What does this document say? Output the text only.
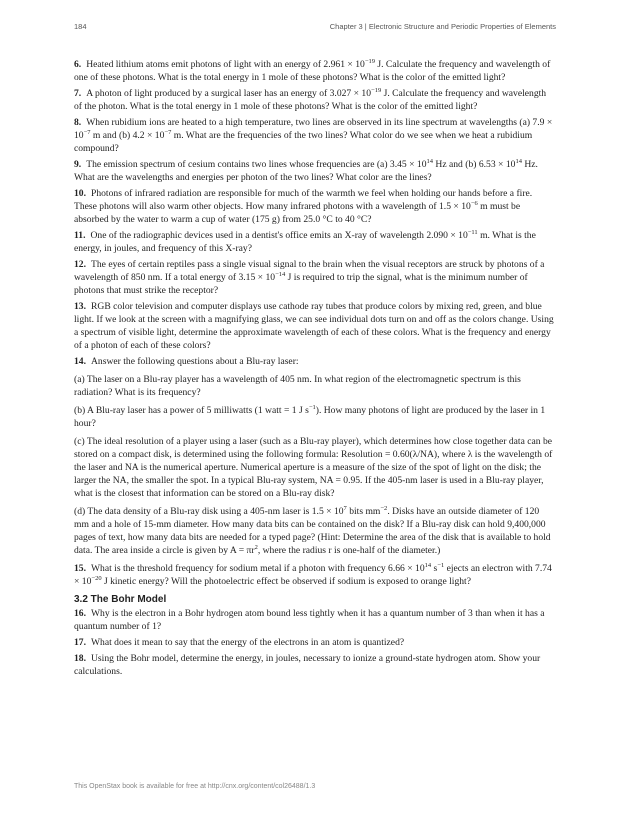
184	Chapter 3 | Electronic Structure and Periodic Properties of Elements
6. Heated lithium atoms emit photons of light with an energy of $2.961 \times 10^{-19}$ J. Calculate the frequency and wavelength of one of these photons. What is the total energy in 1 mole of these photons? What is the color of the emitted light?
7. A photon of light produced by a surgical laser has an energy of $3.027 \times 10^{-19}$ J. Calculate the frequency and wavelength of the photon. What is the total energy in 1 mole of these photons? What is the color of the emitted light?
8. When rubidium ions are heated to a high temperature, two lines are observed in its line spectrum at wavelengths (a) $7.9 \times 10^{-7}$ m and (b) $4.2 \times 10^{-7}$ m. What are the frequencies of the two lines? What color do we see when we heat a rubidium compound?
9. The emission spectrum of cesium contains two lines whose frequencies are (a) $3.45 \times 10^{14}$ Hz and (b) $6.53 \times 10^{14}$ Hz. What are the wavelengths and energies per photon of the two lines? What color are the lines?
10. Photons of infrared radiation are responsible for much of the warmth we feel when holding our hands before a fire. These photons will also warm other objects. How many infrared photons with a wavelength of $1.5 \times 10^{-6}$ m must be absorbed by the water to warm a cup of water (175 g) from 25.0 °C to 40 °C?
11. One of the radiographic devices used in a dentist's office emits an X-ray of wavelength $2.090 \times 10^{-11}$ m. What is the energy, in joules, and frequency of this X-ray?
12. The eyes of certain reptiles pass a single visual signal to the brain when the visual receptors are struck by photons of a wavelength of 850 nm. If a total energy of $3.15 \times 10^{-14}$ J is required to trip the signal, what is the minimum number of photons that must strike the receptor?
13. RGB color television and computer displays use cathode ray tubes that produce colors by mixing red, green, and blue light. If we look at the screen with a magnifying glass, we can see individual dots turn on and off as the colors change. Using a spectrum of visible light, determine the approximate wavelength of each of these colors. What is the frequency and energy of a photon of each of these colors?
14. Answer the following questions about a Blu-ray laser:
(a) The laser on a Blu-ray player has a wavelength of 405 nm. In what region of the electromagnetic spectrum is this radiation? What is its frequency?
(b) A Blu-ray laser has a power of 5 milliwatts (1 watt = 1 J $s^{-1}$). How many photons of light are produced by the laser in 1 hour?
(c) The ideal resolution of a player using a laser (such as a Blu-ray player), which determines how close together data can be stored on a compact disk, is determined using the following formula: Resolution = 0.60(λ/NA), where λ is the wavelength of the laser and NA is the numerical aperture. Numerical aperture is a measure of the size of the spot of light on the disk; the larger the NA, the smaller the spot. In a typical Blu-ray system, NA = 0.95. If the 405-nm laser is used in a Blu-ray player, what is the closest that information can be stored on a Blu-ray disk?
(d) The data density of a Blu-ray disk using a 405-nm laser is $1.5 \times 10^7$ bits $mm^{-2}$. Disks have an outside diameter of 120 mm and a hole of 15-mm diameter. How many data bits can be contained on the disk? If a Blu-ray disk can hold 9,400,000 pages of text, how many data bits are needed for a typed page? (Hint: Determine the area of the disk that is available to hold data. The area inside a circle is given by $A = \pi r^2$, where the radius r is one-half of the diameter.)
15. What is the threshold frequency for sodium metal if a photon with frequency $6.66 \times 10^{14}$ $s^{-1}$ ejects an electron with $7.74 \times 10^{-20}$ J kinetic energy? Will the photoelectric effect be observed if sodium is exposed to orange light?
3.2 The Bohr Model
16. Why is the electron in a Bohr hydrogen atom bound less tightly when it has a quantum number of 3 than when it has a quantum number of 1?
17. What does it mean to say that the energy of the electrons in an atom is quantized?
18. Using the Bohr model, determine the energy, in joules, necessary to ionize a ground-state hydrogen atom. Show your calculations.
This OpenStax book is available for free at http://cnx.org/content/col26488/1.3
